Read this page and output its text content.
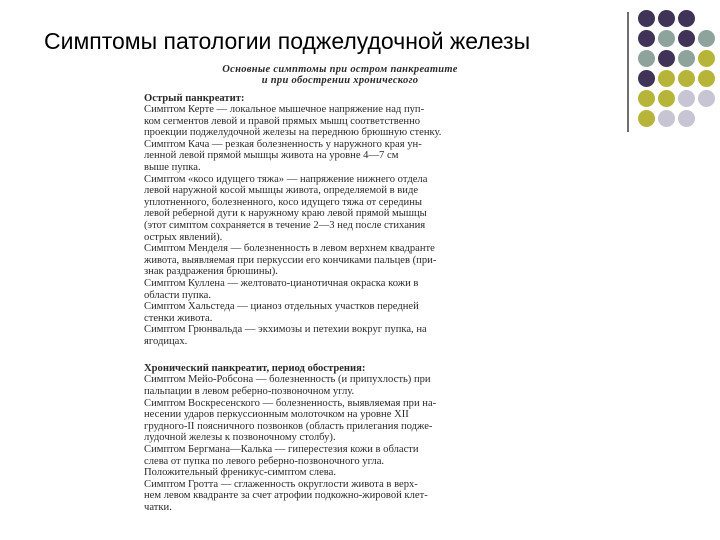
Симптомы патологии поджелудочной железы
Основные симптомы при остром панкреатите
и при обострении хронического
Острый панкреатит:
Симптом Керте — локальное мышечное напряжение над пуп-
ком сегментов левой и правой прямых мышц соответственно
проекции поджелудочной железы на переднюю брюшную стенку.
Симптом Кача — резкая болезненность у наружного края ун-
ленной левой прямой мышцы живота на уровне 4—7 см
выше пупка.
Симптом «косо идущего тяжа» — напряжение нижнего отдела
левой наружной косой мышцы живота, определяемой в виде
уплотненного, болезненного, косо идущего тяжа от середины
левой реберной дуги к наружному краю левой прямой мышцы
(этот симптом сохраняется в течение 2—3 нед после стихания
острых явлений).
Симптом Менделя — болезненность в левом верхнем квадранте
живота, выявляемая при перкуссии его кончиками пальцев (при-
знак раздражения брюшины).
Симптом Куллена — желтовато-цианотичная окраска кожи в
области пупка.
Симптом Хальстеда — цианоз отдельных участков передней
стенки живота.
Симптом Грюнвальда — экхимозы и петехии вокруг пупка, на
ягодицах.
Хронический панкреатит, период обострения:
Симптом Мейо-Робсона — болезненность (и припухлость) при
пальпации в левом реберно-позвоночном углу.
Симптом Воскресенского — болезненность, выявляемая при на-
несении ударов перкуссионным молоточком на уровне XII
грудного-II поясничного позвонков (область прилегания подже-
лудочной железы к позвоночному столбу).
Симптом Бергмана—Калька — гиперестезия кожи в области
слева от пупка по левого реберно-позвоночного угла.
Положительный френикус-симптом слева.
Симптом Гротта — сглаженность округлости живота в верх-
нем левом квадранте за счет атрофии подкожно-жировой клет-
чатки.
